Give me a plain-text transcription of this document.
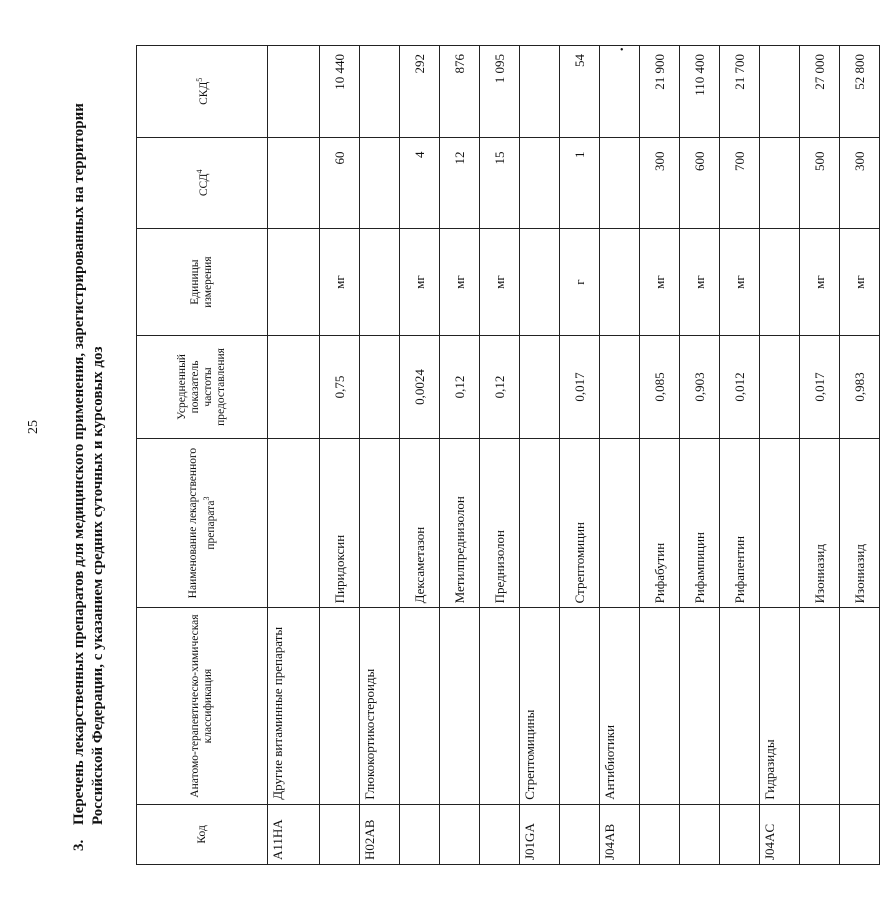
25
3.Перечень лекарственных препаратов для медицинского применения, зарегистрированных на территории Российской Федерации, с указанием средних суточных и курсовых доз
Код	Анатомо-терапевтическо-химическая классификация	Наименование лекарственного препарата$^3$	Усредненный показатель частоты предоставления	Единицы измерения	ССД$^4$	СКД$^5$
A11HA	Другие витаминные препараты					
		Пиридоксин	0,75	мг	60	10 440
H02AB	Глюкокортикостероиды					
		Дексаметазон	0,0024	мг	4	292
		Метилпреднизолон	0,12	мг	12	876
		Преднизолон	0,12	мг	15	1 095
J01GA	Стрептомицины					
		Стрептомицин	0,017	г	1	54
J04AB	Антибиотики					
		Рифабутин	0,085	мг	300	21 900
		Рифампицин	0,903	мг	600	110 400
		Рифапентин	0,012	мг	700	21 700
J04AC	Гидразиды					
		Изониазид	0,017	мг	500	27 000
		Изониазид	0,983	мг	300	52 800
•
